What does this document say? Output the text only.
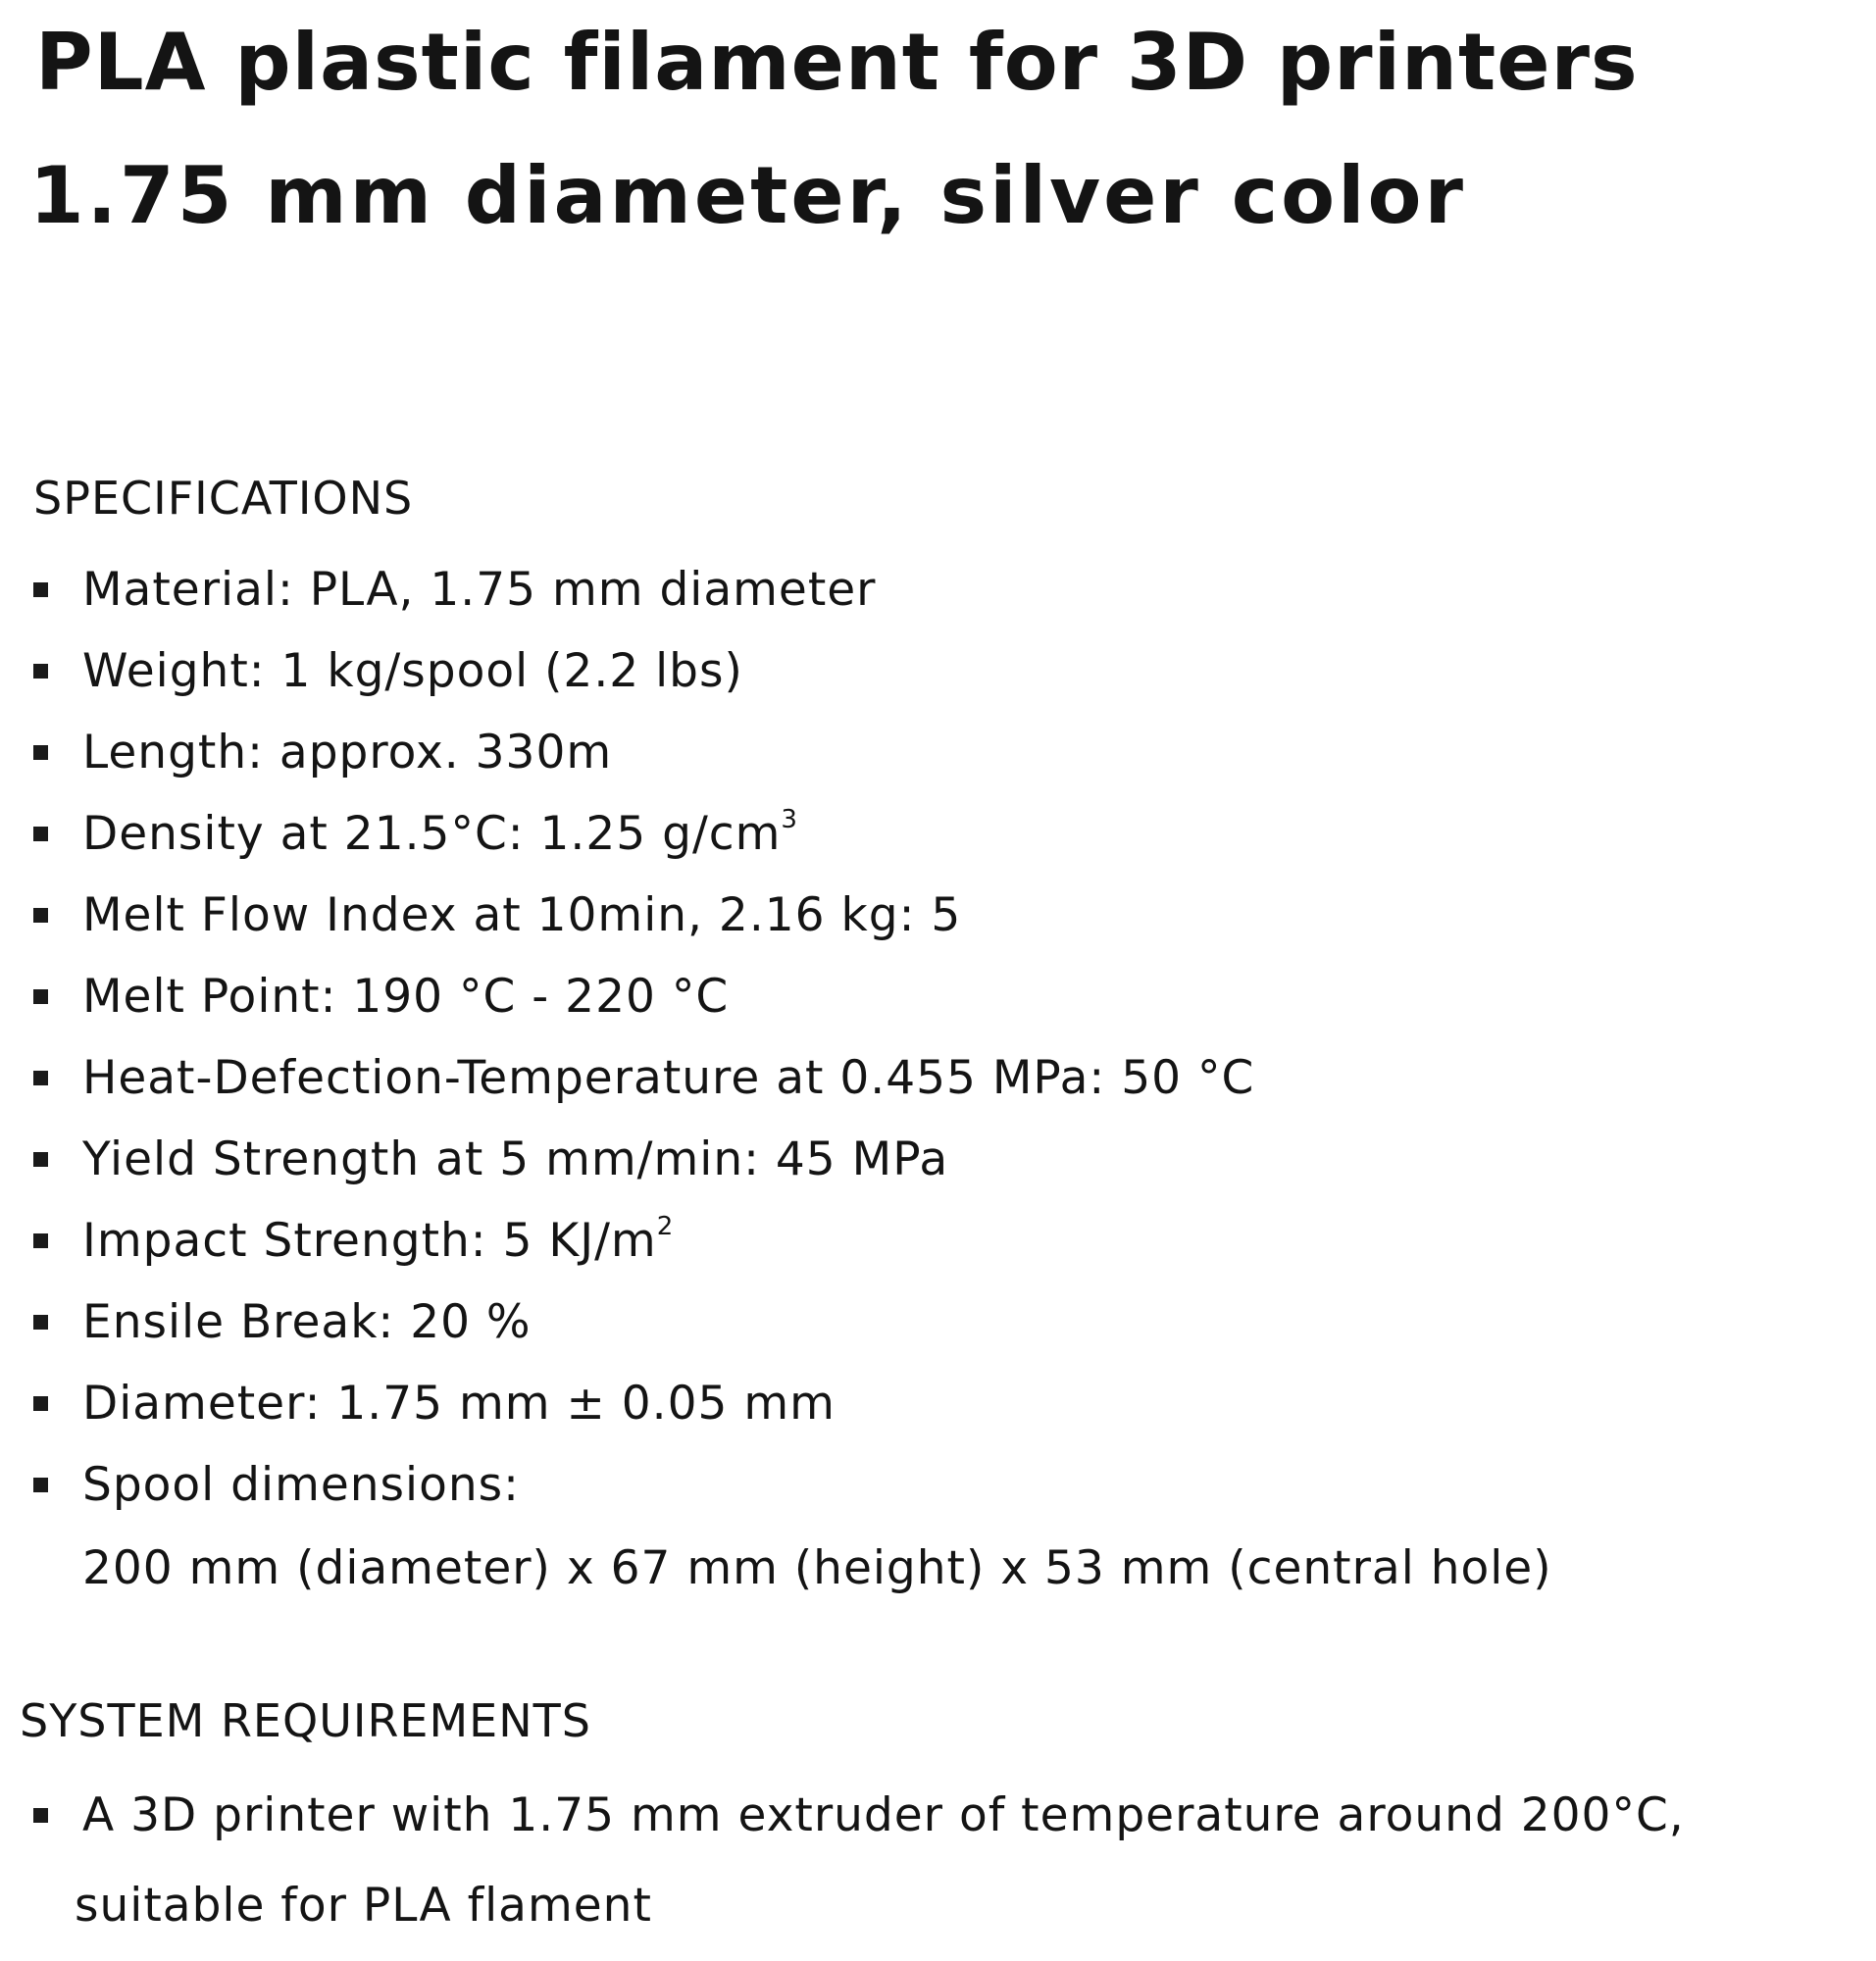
PLA plastic filament for 3D printers
1.75 mm diameter, silver color
SPECIFICATIONS
Material: PLA, 1.75 mm diameter
Weight: 1 kg/spool (2.2 lbs)
Length: approx. 330m
Density at 21.5°C: 1.25 $g/cm^3$
Melt Flow Index at 10min, 2.16 kg: 5
Melt Point: 190 °C - 220 °C
Heat-Defection-Temperature at 0.455 MPa: 50 °C
Yield Strength at 5 mm/min: 45 MPa
Impact Strength: 5 $KJ/m^2$
Ensile Break: 20 %
Diameter: 1.75 mm ± 0.05 mm
Spool dimensions:

200 mm (diameter) x 67 mm (height) x 53 mm (central hole)

SYSTEM REQUIREMENTS
A 3D printer with 1.75 mm extruder of temperature around 200°C,

suitable for PLA flament
